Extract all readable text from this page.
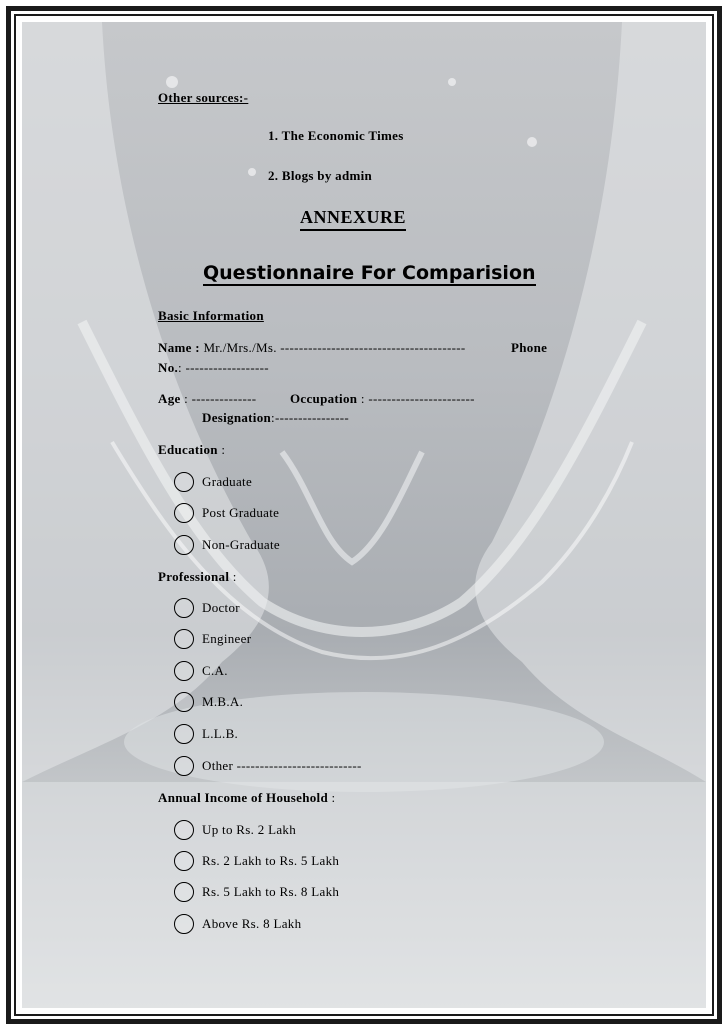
Other sources:-
1. The Economic Times
2. Blogs by admin
ANNEXURE
Questionnaire For Comparision
Basic Information
Name : Mr./Mrs./Ms. ----------------------------------------	Phone
No.: ------------------
Age : --------------	Occupation : -----------------------
Designation:----------------
Education :
Graduate
Post Graduate
Non-Graduate
Professional :
Doctor
Engineer
C.A.
M.B.A.
L.L.B.
Other ---------------------------
Annual Income of Household :
Up to Rs. 2 Lakh
Rs. 2 Lakh to Rs. 5 Lakh
Rs. 5 Lakh to Rs. 8 Lakh
Above Rs. 8 Lakh
